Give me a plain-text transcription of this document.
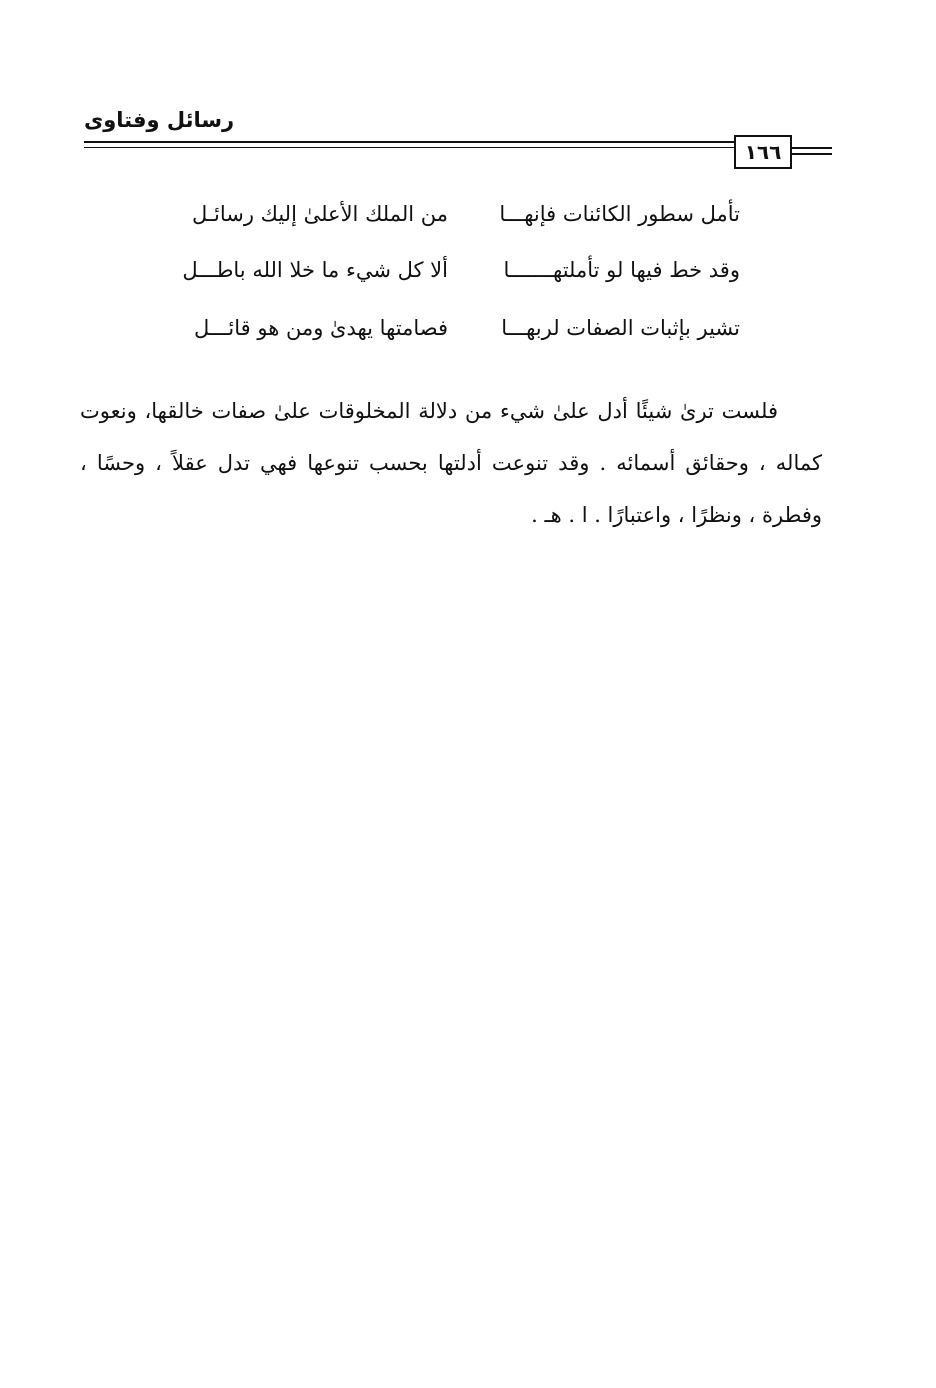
رسائل وفتاوى
١٦٦
تأمل سطور الكائنات فإنهـــا
من الملك الأعلىٰ إليك رسائـل
وقد خط فيها لو تأملتهـــــــا
ألا كل شيء ما خلا الله باطـــل
تشير بإثبات الصفات لربهـــا
فصامتها يهدىٰ ومن هو قائـــل

فلست ترىٰ شيئًا أدل علىٰ شيء من دلالة المخلوقات علىٰ صفات خالقها، ونعوت كماله ، وحقائق أسمائه . وقد تنوعت أدلتها بحسب تنوعها فهي تدل عقلاً ، وحسًا ، وفطرة ، ونظرًا ، واعتبارًا . ا . هـ .
